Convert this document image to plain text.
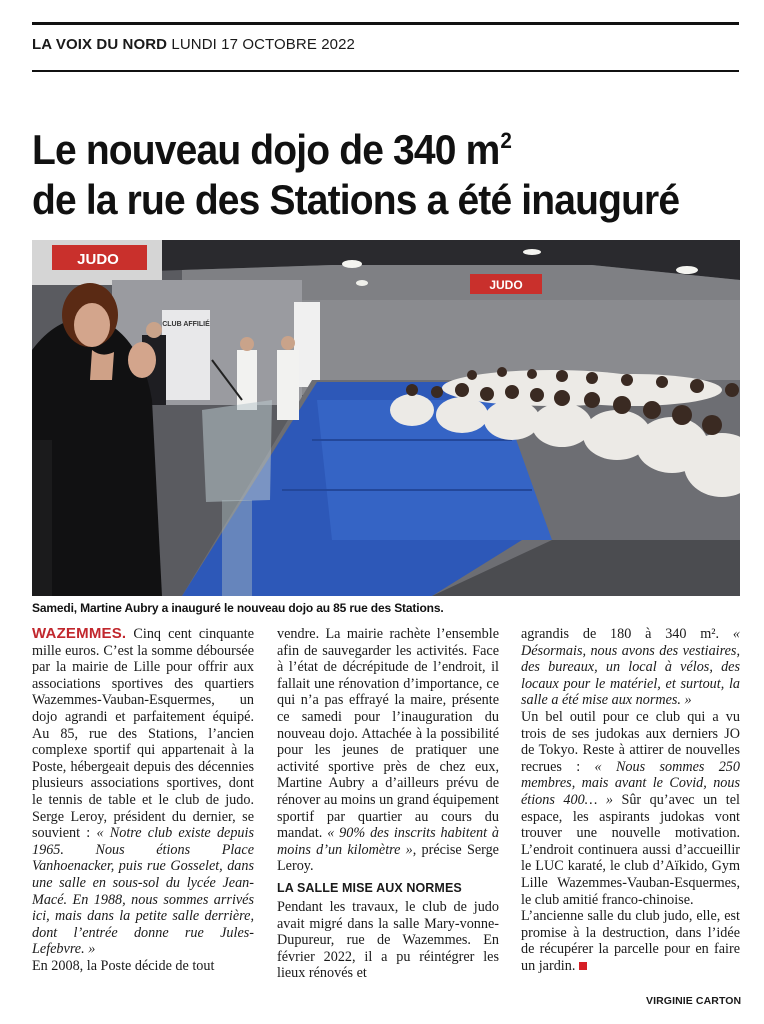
LA VOIX DU NORD LUNDI 17 OCTOBRE 2022
Le nouveau dojo de 340 $m^2$
de la rue des Stations a été inauguré
JUDO
JUDO
CLUB AFFILIÉ
Samedi, Martine Aubry a inauguré le nouveau dojo au 85 rue des Stations.

WAZEMMES. Cinq cent cinquante mille euros. C’est la somme déboursée par la mairie de Lille pour offrir aux associations sportives des quartiers Wazemmes-Vauban-Esquermes, un dojo agrandi et parfaitement équipé. Au 85, rue des Stations, l’ancien complexe sportif qui appartenait à la Poste, hébergeait depuis des décennies plusieurs associations sportives, dont le tennis de table et le club de judo. Serge Leroy, président du dernier, se souvient : « Notre club existe depuis 1965. Nous étions Place Vanhoenacker, puis rue Gosselet, dans une salle en sous-sol du lycée Jean-Macé. En 1988, nous sommes arrivés ici, mais dans la petite salle derrière, dont l’entrée donne rue Jules-Lefebvre. »

En 2008, la Poste décide de tout

vendre. La mairie rachète l’ensemble afin de sauvegarder les activités. Face à l’état de décrépitude de l’endroit, il fallait une rénovation d’importance, ce qui n’a pas effrayé la maire, présente ce samedi pour l’inauguration du nouveau dojo. Attachée à la possibilité pour les jeunes de pratiquer une activité sportive près de chez eux, Martine Aubry a d’ailleurs prévu de rénover au moins un grand équipement sportif par quartier au cours du mandat. « 90% des inscrits habitent à moins d’un kilomètre », précise Serge Leroy.

LA SALLE MISE AUX NORMES

Pendant les travaux, le club de judo avait migré dans la salle Mary-vonne-Dupureur, rue de Wazemmes. En février 2022, il a pu réintégrer les lieux rénovés et

agrandis de 180 à 340 m². « Désormais, nous avons des vestiaires, des bureaux, un local à vélos, des locaux pour le matériel, et surtout, la salle a été mise aux normes. »

Un bel outil pour ce club qui a vu trois de ses judokas aux derniers JO de Tokyo. Reste à attirer de nouvelles recrues : « Nous sommes 250 membres, mais avant le Covid, nous étions 400… » Sûr qu’avec un tel espace, les aspirants judokas vont trouver une nouvelle motivation. L’endroit continuera aussi d’accueillir le LUC karaté, le club d’Aïkido, Gym Lille Wazemmes-Vauban-Esquermes, le club amitié franco-chinoise.

L’ancienne salle du club judo, elle, est promise à la destruction, dans l’idée de récupérer la parcelle pour en faire un jardin.

VIRGINIE CARTON
